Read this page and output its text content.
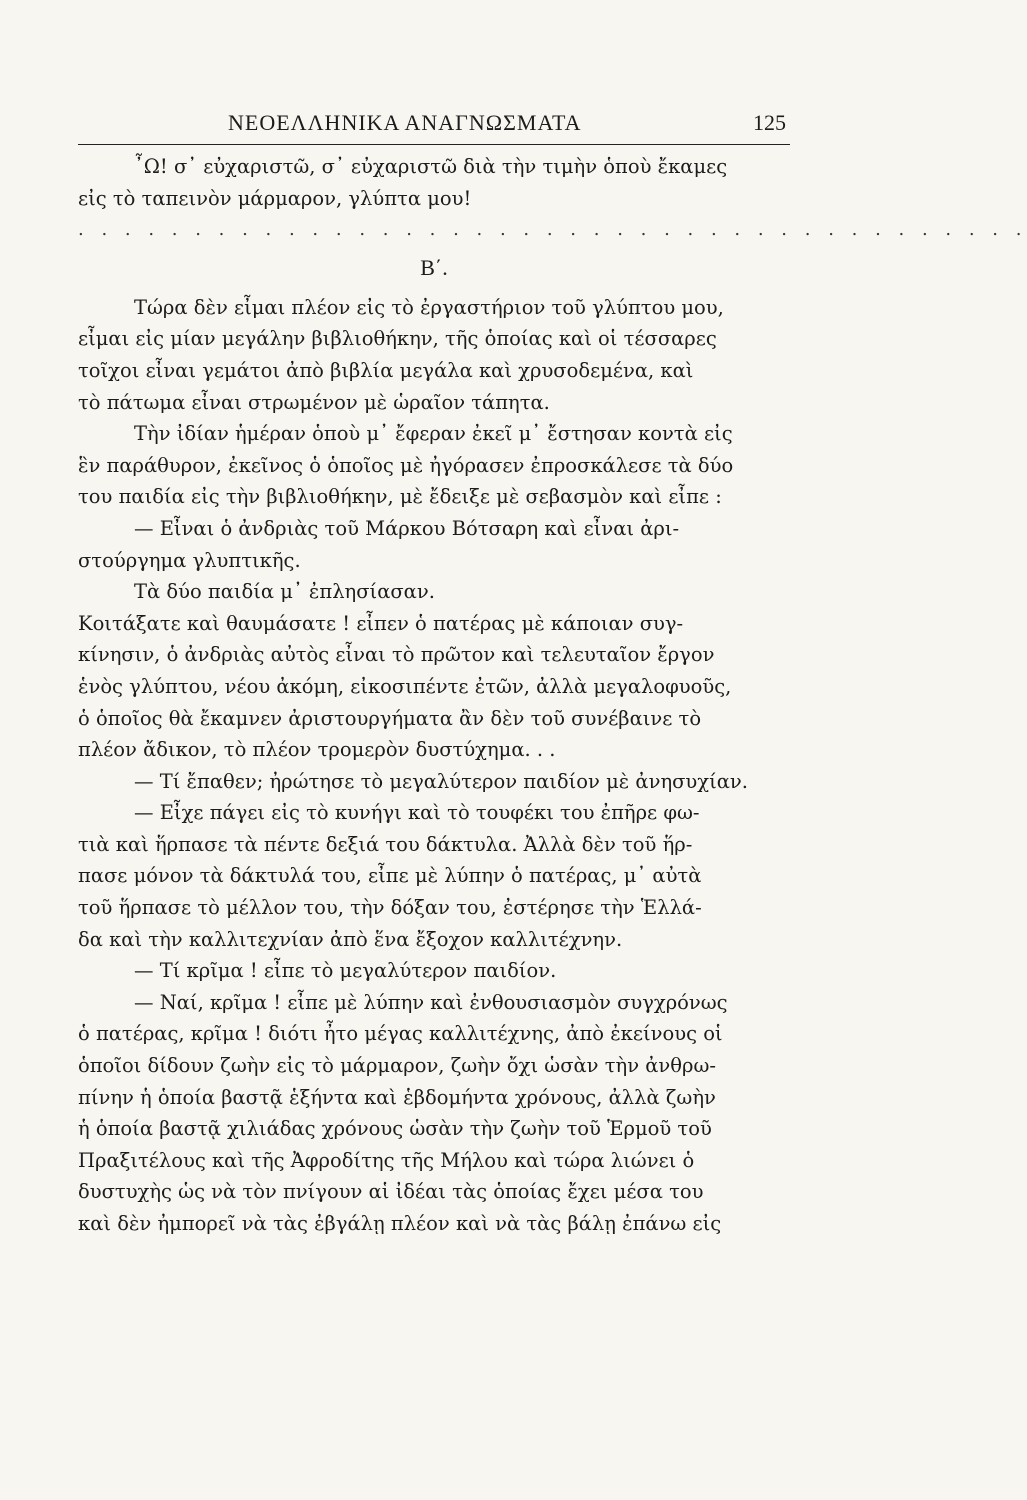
ΝΕΟΕΛΛΗΝΙΚΑ ΑΝΑΓΝΩΣΜΑΤΑ	125
῏Ω! σ᾽ εὐχαριστῶ, σ᾽ εὐχαριστῶ διὰ τὴν τιμὴν ὁποὺ ἔκαμες
εἰς τὸ ταπεινὸν μάρμαρον, γλύπτα μου!
. . . . . . . . . . . . . . . . . . . . . . . . . . . . . . . . . . . . . . . . .
Β΄.
Τώρα δὲν εἶμαι πλέον εἰς τὸ ἐργαστήριον τοῦ γλύπτου μου,
εἶμαι εἰς μίαν μεγάλην βιβλιοθήκην, τῆς ὁποίας καὶ οἱ τέσσαρες
τοῖχοι εἶναι γεμάτοι ἀπὸ βιβλία μεγάλα καὶ χρυσοδεμένα, καὶ
τὸ πάτωμα εἶναι στρωμένον μὲ ὡραῖον τάπητα.
Τὴν ἰδίαν ἡμέραν ὁποὺ μ᾽ ἔφεραν ἐκεῖ μ᾽ ἔστησαν κοντὰ εἰς
ἓν παράθυρον, ἐκεῖνος ὁ ὁποῖος μὲ ἠγόρασεν ἐπροσκάλεσε τὰ δύο
του παιδία εἰς τὴν βιβλιοθήκην, μὲ ἔδειξε μὲ σεβασμὸν καὶ εἶπε :
— Εἶναι ὁ ἀνδριὰς τοῦ Μάρκου Βότσαρη καὶ εἶναι ἀρι-
στούργημα γλυπτικῆς.
Τὰ δύο παιδία μ᾽ ἐπλησίασαν.
Κοιτάξατε καὶ θαυμάσατε ! εἶπεν ὁ πατέρας μὲ κάποιαν συγ-
κίνησιν, ὁ ἀνδριὰς αὐτὸς εἶναι τὸ πρῶτον καὶ τελευταῖον ἔργον
ἑνὸς γλύπτου, νέου ἀκόμη, εἰκοσιπέντε ἐτῶν, ἀλλὰ μεγαλοφυοῦς,
ὁ ὁποῖος θὰ ἔκαμνεν ἀριστουργήματα ἂν δὲν τοῦ συνέβαινε τὸ
πλέον ἄδικον, τὸ πλέον τρομερὸν δυστύχημα. . .
— Τί ἔπαθεν; ἠρώτησε τὸ μεγαλύτερον παιδίον μὲ ἀνησυχίαν.
— Εἶχε πάγει εἰς τὸ κυνήγι καὶ τὸ τουφέκι του ἐπῆρε φω-
τιὰ καὶ ἥρπασε τὰ πέντε δεξιά του δάκτυλα. Ἀλλὰ δὲν τοῦ ἥρ-
πασε μόνον τὰ δάκτυλά του, εἶπε μὲ λύπην ὁ πατέρας, μ᾽ αὐτὰ
τοῦ ἥρπασε τὸ μέλλον του, τὴν δόξαν του, ἐστέρησε τὴν Ἑλλά-
δα καὶ τὴν καλλιτεχνίαν ἀπὸ ἕνα ἔξοχον καλλιτέχνην.
— Τί κρῖμα ! εἶπε τὸ μεγαλύτερον παιδίον.
— Ναί, κρῖμα ! εἶπε μὲ λύπην καὶ ἐνθουσιασμὸν συγχρόνως
ὁ πατέρας, κρῖμα ! διότι ἦτο μέγας καλλιτέχνης, ἀπὸ ἐκείνους οἱ
ὁποῖοι δίδουν ζωὴν εἰς τὸ μάρμαρον, ζωὴν ὄχι ὡσὰν τὴν ἀνθρω-
πίνην ἡ ὁποία βαστᾷ ἑξήντα καὶ ἑβδομήντα χρόνους, ἀλλὰ ζωὴν
ἡ ὁποία βαστᾷ χιλιάδας χρόνους ὡσὰν τὴν ζωὴν τοῦ Ἑρμοῦ τοῦ
Πραξιτέλους καὶ τῆς Ἀφροδίτης τῆς Μήλου καὶ τώρα λιώνει ὁ
δυστυχὴς ὡς νὰ τὸν πνίγουν αἱ ἰδέαι τὰς ὁποίας ἔχει μέσα του
καὶ δὲν ἠμπορεῖ νὰ τὰς ἐβγάλῃ πλέον καὶ νὰ τὰς βάλῃ ἐπάνω εἰς
